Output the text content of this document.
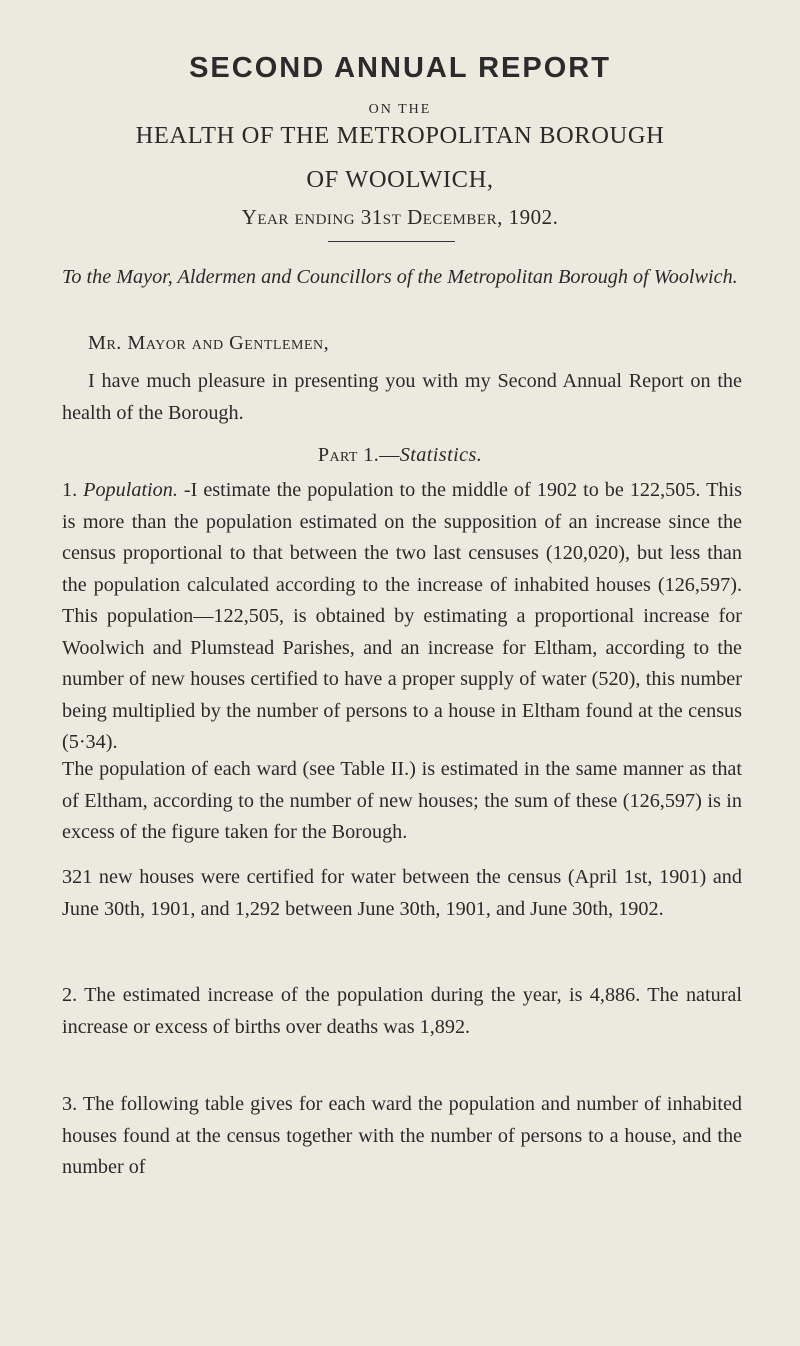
SECOND ANNUAL REPORT
ON THE
HEALTH OF THE METROPOLITAN BOROUGH
OF WOOLWICH,
Year ending 31st December, 1902.

To the Mayor, Aldermen and Councillors of the Metropolitan Borough of Woolwich.

Mr. Mayor and Gentlemen,

I have much pleasure in presenting you with my Second Annual Report on the health of the Borough.

Part 1.—Statistics.

1. Population. -I estimate the population to the middle of 1902 to be 122,505. This is more than the population estimated on the supposition of an increase since the census proportional to that between the two last censuses (120,020), but less than the population calculated according to the increase of inhabited houses (126,597). This population—122,505, is obtained by estimating a proportional increase for Woolwich and Plumstead Parishes, and an increase for Eltham, according to the number of new houses certified to have a proper supply of water (520), this number being multiplied by the number of persons to a house in Eltham found at the census (5·34).

The population of each ward (see Table II.) is estimated in the same manner as that of Eltham, according to the number of new houses; the sum of these (126,597) is in excess of the figure taken for the Borough.

321 new houses were certified for water between the census (April 1st, 1901) and June 30th, 1901, and 1,292 between June 30th, 1901, and June 30th, 1902.

2. The estimated increase of the population during the year, is 4,886. The natural increase or excess of births over deaths was 1,892.

3. The following table gives for each ward the population and number of inhabited houses found at the census together with the number of persons to a house, and the number of
